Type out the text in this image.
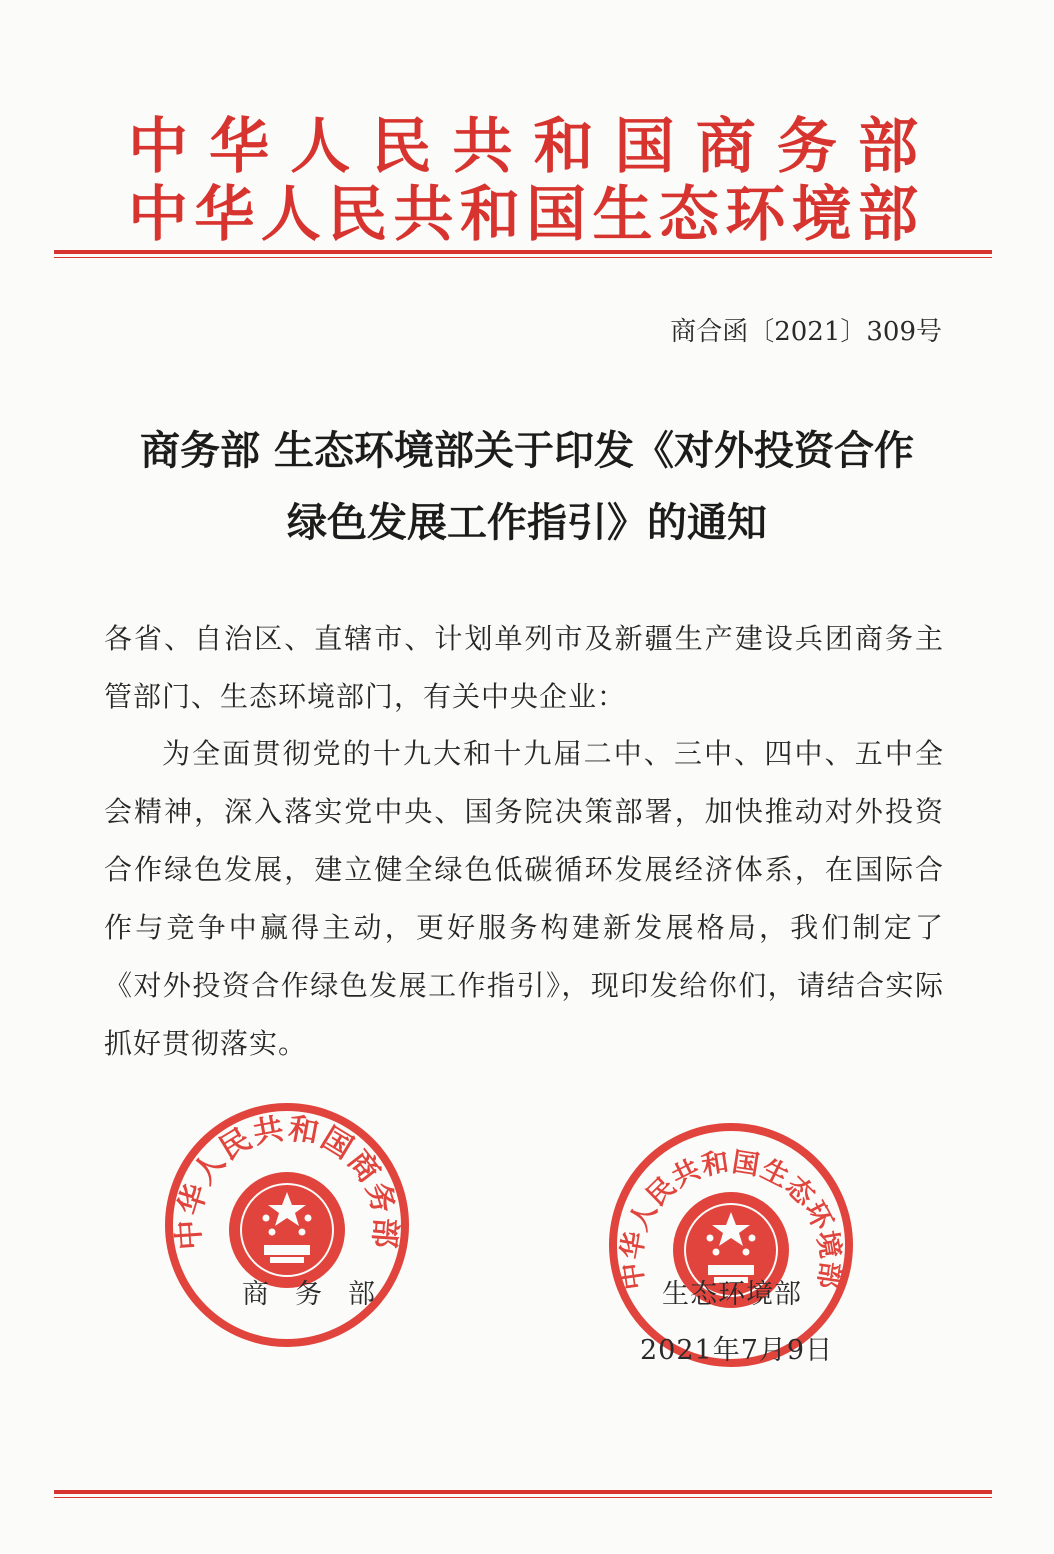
中华人民共和国商务部
中华人民共和国生态环境部
商合函〔2021〕309号
商务部 生态环境部关于印发《对外投资合作
绿色发展工作指引》的通知
各省、自治区、直辖市、计划单列市及新疆生产建设兵团商务主管部门、生态环境部门，有关中央企业：
为全面贯彻党的十九大和十九届二中、三中、四中、五中全会精神，深入落实党中央、国务院决策部署，加快推动对外投资合作绿色发展，建立健全绿色低碳循环发展经济体系，在国际合作与竞争中赢得主动，更好服务构建新发展格局，我们制定了《对外投资合作绿色发展工作指引》，现印发给你们，请结合实际抓好贯彻落实。
中华人民共和国商务部
中华人民共和国生态环境部
商务部	生态环境部
2021年7月9日
